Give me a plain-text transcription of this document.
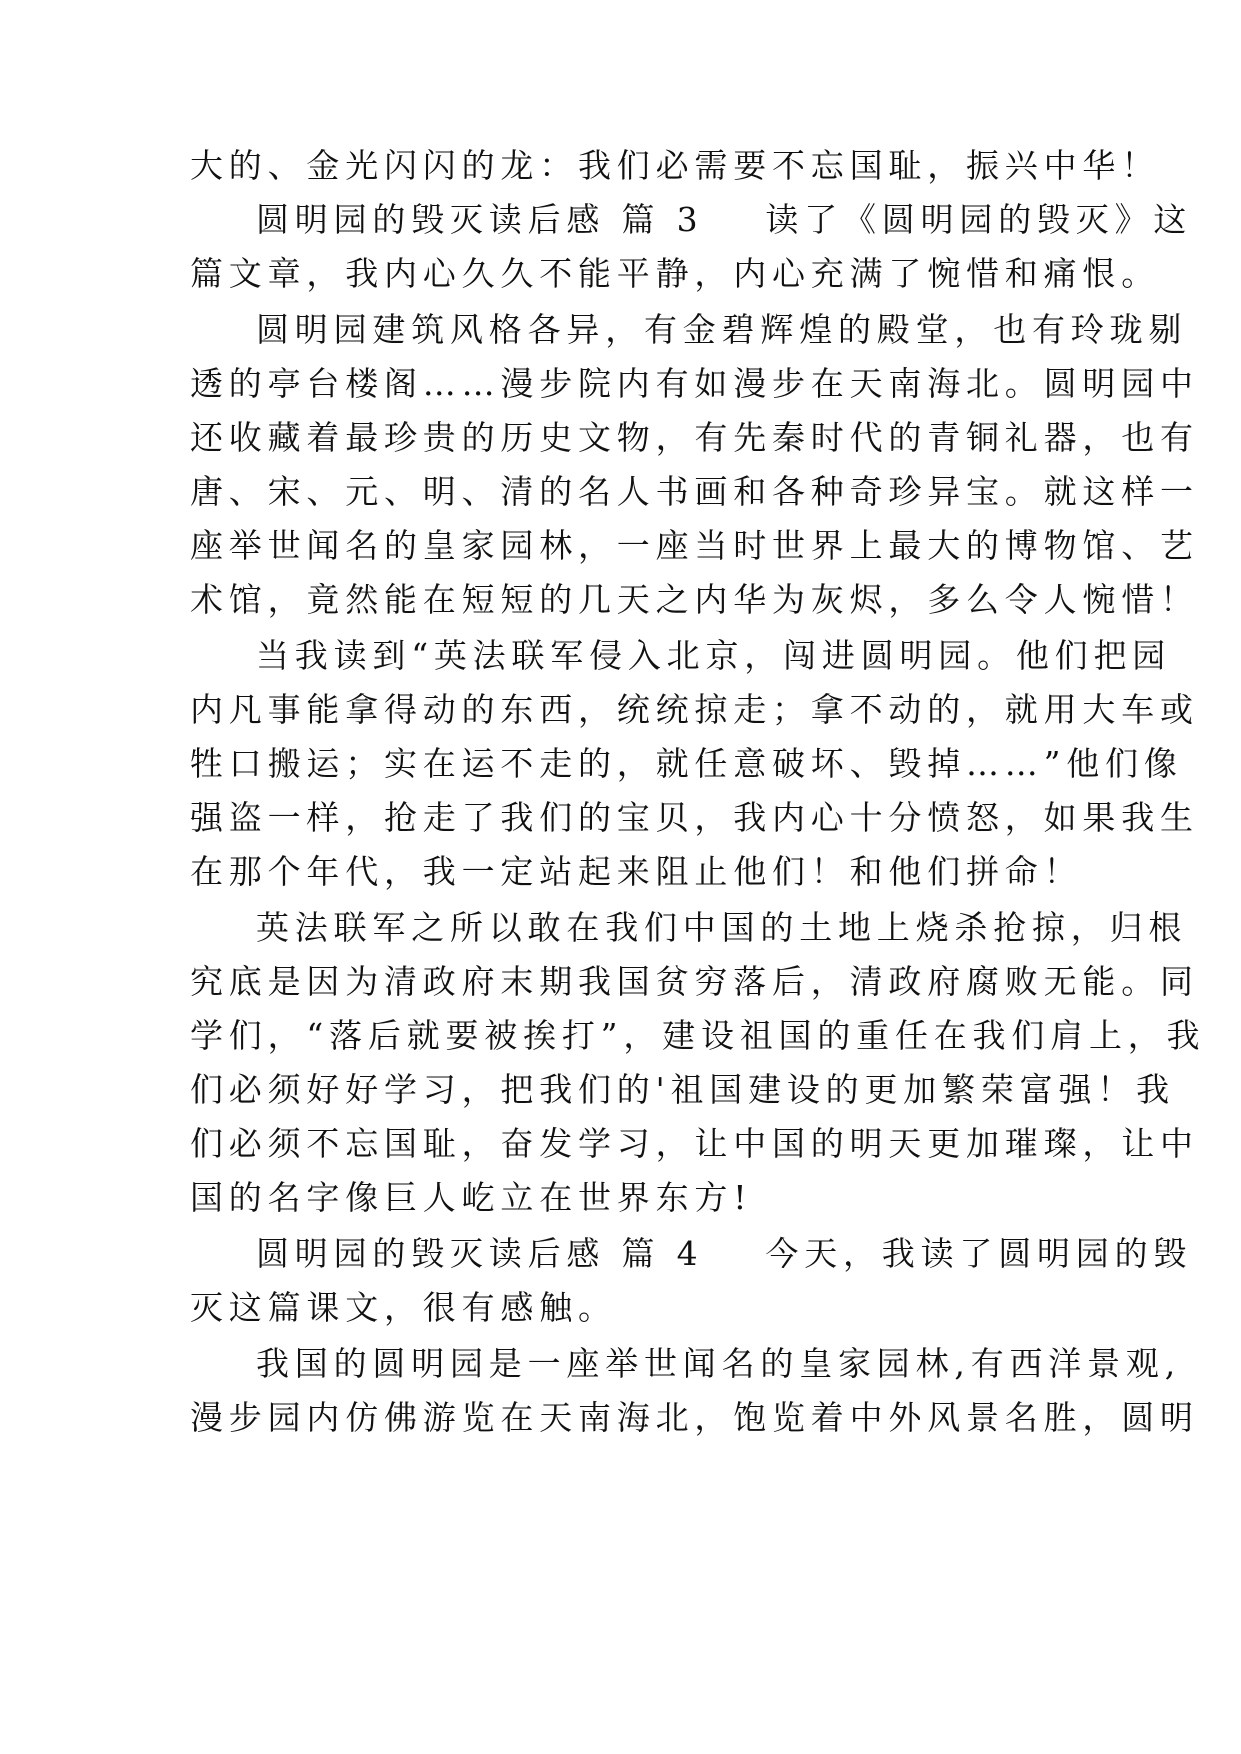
大的、金光闪闪的龙：我们必需要不忘国耻，振兴中华！
圆明园的毁灭读后感 篇 3 读了《圆明园的毁灭》这
篇文章，我内心久久不能平静，内心充满了惋惜和痛恨。
圆明园建筑风格各异，有金碧辉煌的殿堂，也有玲珑剔
透的亭台楼阁……漫步院内有如漫步在天南海北。圆明园中
还收藏着最珍贵的历史文物，有先秦时代的青铜礼器，也有
唐、宋、元、明、清的名人书画和各种奇珍异宝。就这样一
座举世闻名的皇家园林，一座当时世界上最大的博物馆、艺
术馆，竟然能在短短的几天之内华为灰烬，多么令人惋惜！
当我读到“英法联军侵入北京，闯进圆明园。他们把园
内凡事能拿得动的东西，统统掠走；拿不动的，就用大车或
牲口搬运；实在运不走的，就任意破坏、毁掉……”他们像
强盗一样，抢走了我们的宝贝，我内心十分愤怒，如果我生
在那个年代，我一定站起来阻止他们！和他们拼命！
英法联军之所以敢在我们中国的土地上烧杀抢掠，归根
究底是因为清政府末期我国贫穷落后，清政府腐败无能。同
学们，“落后就要被挨打”，建设祖国的重任在我们肩上，我
们必须好好学习，把我们的'祖国建设的更加繁荣富强！我
们必须不忘国耻，奋发学习，让中国的明天更加璀璨，让中
国的名字像巨人屹立在世界东方!
圆明园的毁灭读后感 篇 4 今天，我读了圆明园的毁
灭这篇课文，很有感触。
我国的圆明园是一座举世闻名的皇家园林,有西洋景观,
漫步园内仿佛游览在天南海北，饱览着中外风景名胜，圆明
